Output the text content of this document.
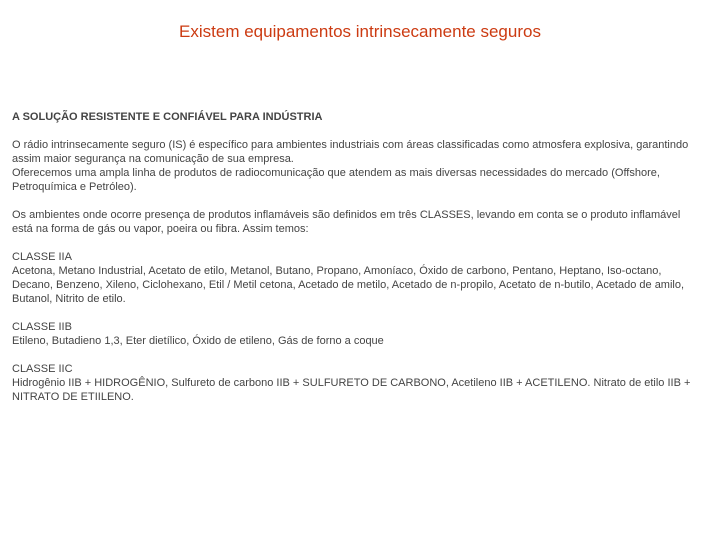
Existem equipamentos intrinsecamente seguros
A SOLUÇÃO RESISTENTE E CONFIÁVEL PARA INDÚSTRIA
O rádio intrinsecamente seguro (IS) é específico para ambientes industriais com áreas classificadas como atmosfera explosiva, garantindo assim maior segurança na comunicação de sua empresa.
Oferecemos uma ampla linha de produtos de radiocomunicação que atendem as mais diversas necessidades do mercado (Offshore, Petroquímica e Petróleo).
Os ambientes onde ocorre presença de produtos inflamáveis são definidos em três CLASSES, levando em conta se o produto inflamável está na forma de gás ou vapor, poeira ou fibra. Assim temos:
CLASSE IIA
Acetona, Metano Industrial, Acetato de etilo, Metanol, Butano, Propano, Amoníaco, Óxido de carbono, Pentano, Heptano, Iso-octano, Decano, Benzeno, Xileno, Ciclohexano, Etil / Metil cetona, Acetado de metilo, Acetado de n-propilo, Acetato de n-butilo, Acetado de amilo, Butanol, Nitrito de etilo.
CLASSE IIB
Etileno, Butadieno 1,3, Eter dietílico, Óxido de etileno, Gás de forno a coque
CLASSE IIC
Hidrogênio IIB + HIDROGÊNIO, Sulfureto de carbono IIB + SULFURETO DE CARBONO, Acetileno IIB + ACETILENO. Nitrato de etilo IIB + NITRATO DE ETIILENO.
